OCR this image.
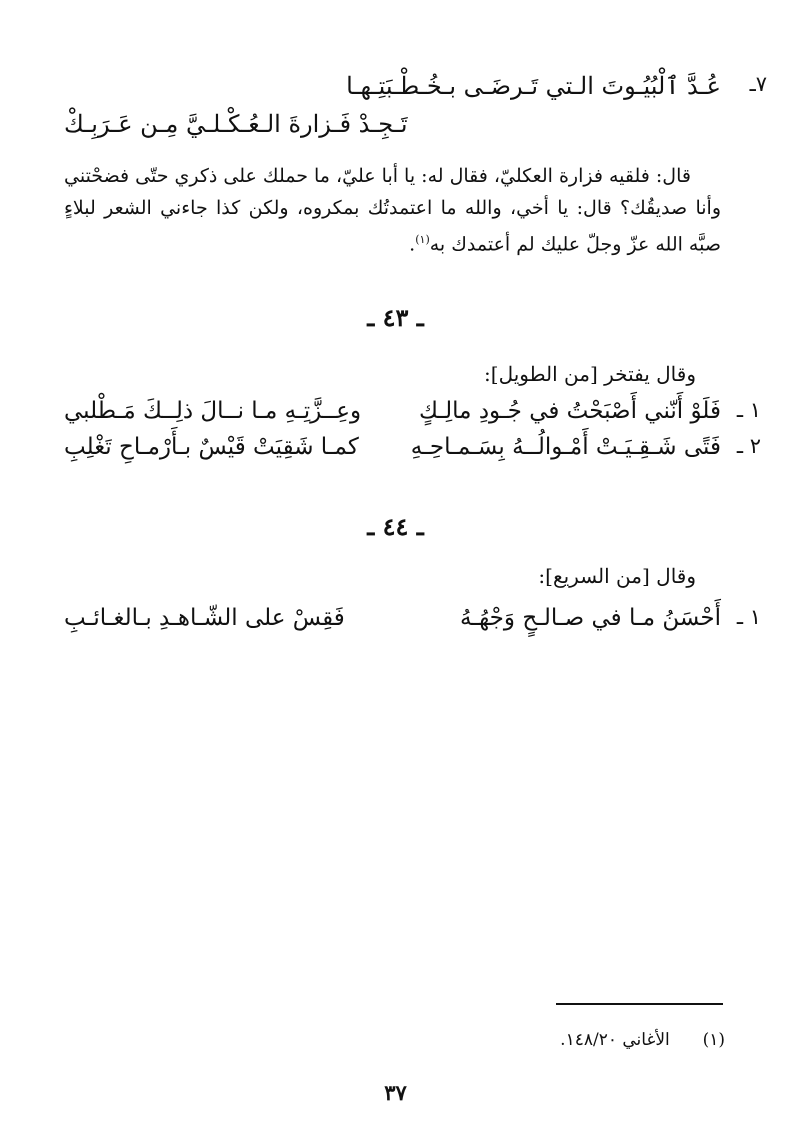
٧ـ
عُـدَّ ٱلْبُيُـوتَ الـتي تَـرضَـى بـخُـطْـبَتِـهـا
تَـجِـدْ فَـزارةَ الـعُـكْـلـيَّ مِـن عَـرَبِـكْ
قال: فلقيه فزارة العكليّ، فقال له: يا أبا عليّ، ما حملك على ذكري حتّى فضحْتني وأنا صديقُك؟ قال: يا أخي، والله ما اعتمدتُك بمكروه، ولكن كذا جاءني الشعر لبلاءٍ صبَّه الله عزّ وجلّ عليك لم أعتمدك به$^{(١)}$.
ـ ٤٣ ـ
وقال يفتخر [من الطويل]:
١ ـ
فَلَوْ أَنّني أَصْبَحْتُ في جُـودِ مالِـكٍ
وعِــزَّتِـهِ مـا نــالَ ذلِــكَ مَـطْلبي
٢ ـ
فَتًى شَـقِـيَـتْ أَمْـوالُــهُ بِسَـمـاحِـهِ
كمـا شَقِيَتْ قَيْسٌ بـأَرْمـاحِ تَغْلِبِ
ـ ٤٤ ـ
وقال [من السريع]:
١ ـ
أَحْسَنُ مـا في صـالـحٍ وَجْهُـهُ
فَقِسْ على الشّـاهـدِ بـالغـائـبِ
(١)  الأغاني ١٤٨/٢٠.
٣٧
